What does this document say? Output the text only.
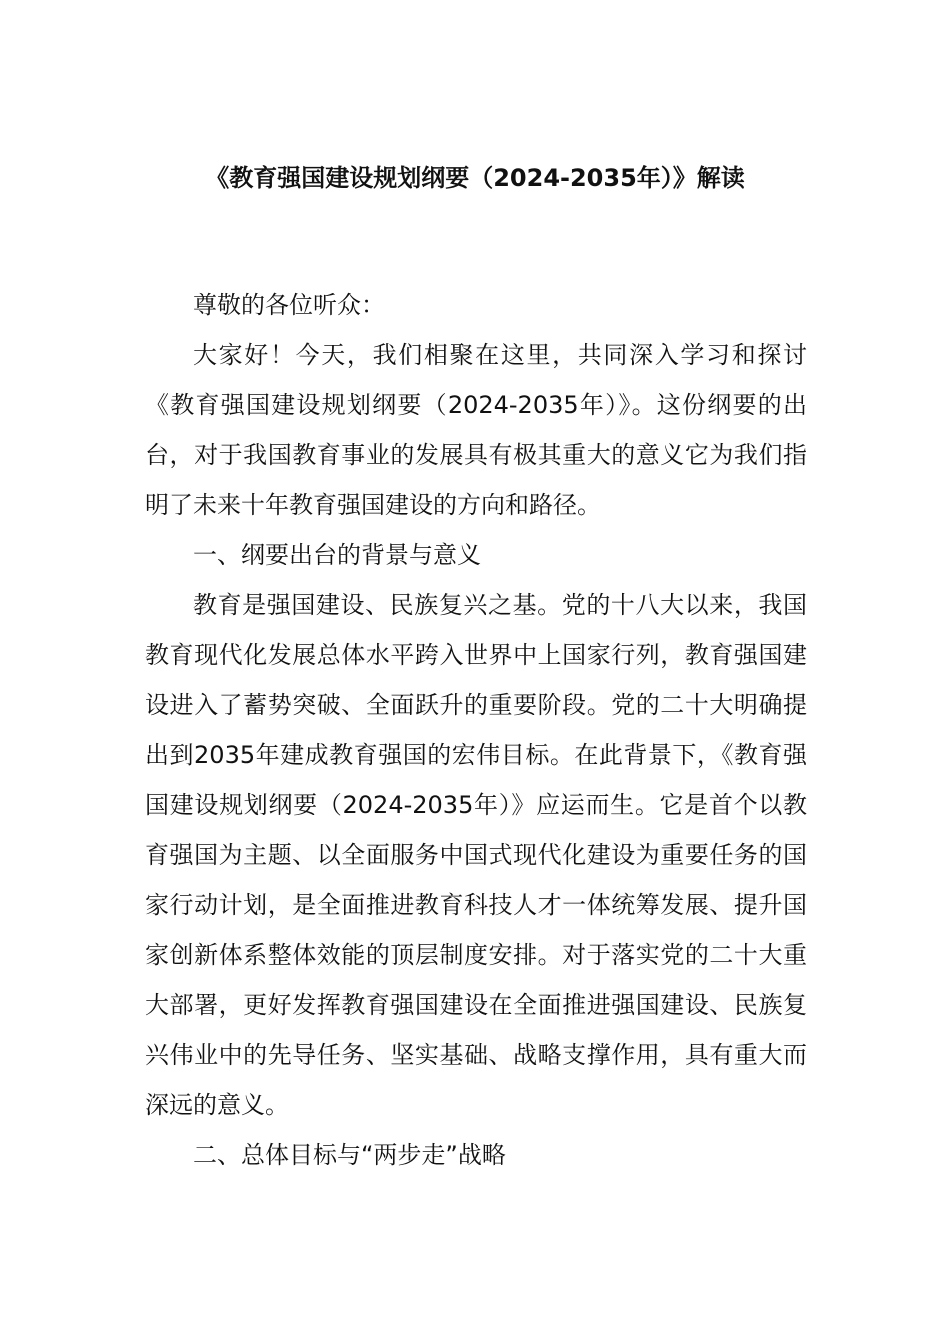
《教育强国建设规划纲要（2024-2035年）》解读

尊敬的各位听众：

大家好！今天，我们相聚在这里，共同深入学习和探讨《教育强国建设规划纲要（2024-2035年）》。这份纲要的出台，对于我国教育事业的发展具有极其重大的意义它为我们指明了未来十年教育强国建设的方向和路径。

一、纲要出台的背景与意义

教育是强国建设、民族复兴之基。党的十八大以来，我国教育现代化发展总体水平跨入世界中上国家行列，教育强国建设进入了蓄势突破、全面跃升的重要阶段。党的二十大明确提出到2035年建成教育强国的宏伟目标。在此背景下，《教育强国建设规划纲要（2024-2035年）》应运而生。它是首个以教育强国为主题、以全面服务中国式现代化建设为重要任务的国家行动计划，是全面推进教育科技人才一体统筹发展、提升国家创新体系整体效能的顶层制度安排。对于落实党的二十大重大部署，更好发挥教育强国建设在全面推进强国建设、民族复兴伟业中的先导任务、坚实基础、战略支撑作用，具有重大而深远的意义。

二、总体目标与“两步走”战略
